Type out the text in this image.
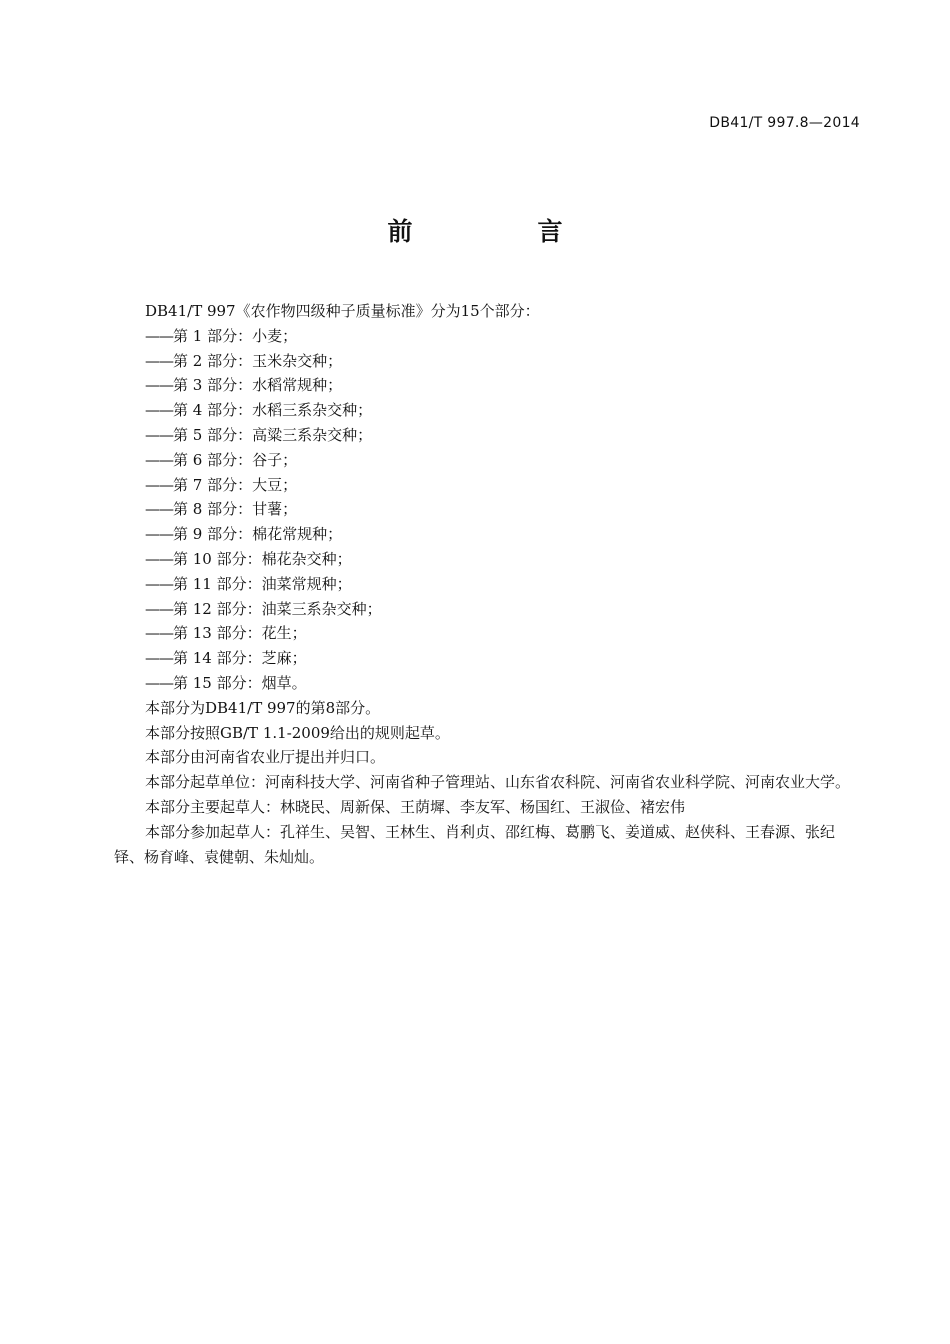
DB41/T 997.8—2014
前　言

DB41/T 997《农作物四级种子质量标准》分为15个部分：

——第 1 部分：小麦；
——第 2 部分：玉米杂交种；
——第 3 部分：水稻常规种；
——第 4 部分：水稻三系杂交种；
——第 5 部分：高粱三系杂交种；
——第 6 部分：谷子；
——第 7 部分：大豆；
——第 8 部分：甘薯；
——第 9 部分：棉花常规种；
——第 10 部分：棉花杂交种；
——第 11 部分：油菜常规种；
——第 12 部分：油菜三系杂交种；
——第 13 部分：花生；
——第 14 部分：芝麻；
——第 15 部分：烟草。

本部分为DB41/T 997的第8部分。

本部分按照GB/T 1.1-2009给出的规则起草。

本部分由河南省农业厅提出并归口。

本部分起草单位：河南科技大学、河南省种子管理站、山东省农科院、河南省农业科学院、河南农业大学。

本部分主要起草人：林晓民、周新保、王荫墀、李友军、杨国红、王淑俭、褚宏伟

本部分参加起草人：孔祥生、吴智、王林生、肖利贞、邵红梅、葛鹏飞、姜道威、赵侠科、王春源、张纪铎、杨育峰、袁健朝、朱灿灿。
